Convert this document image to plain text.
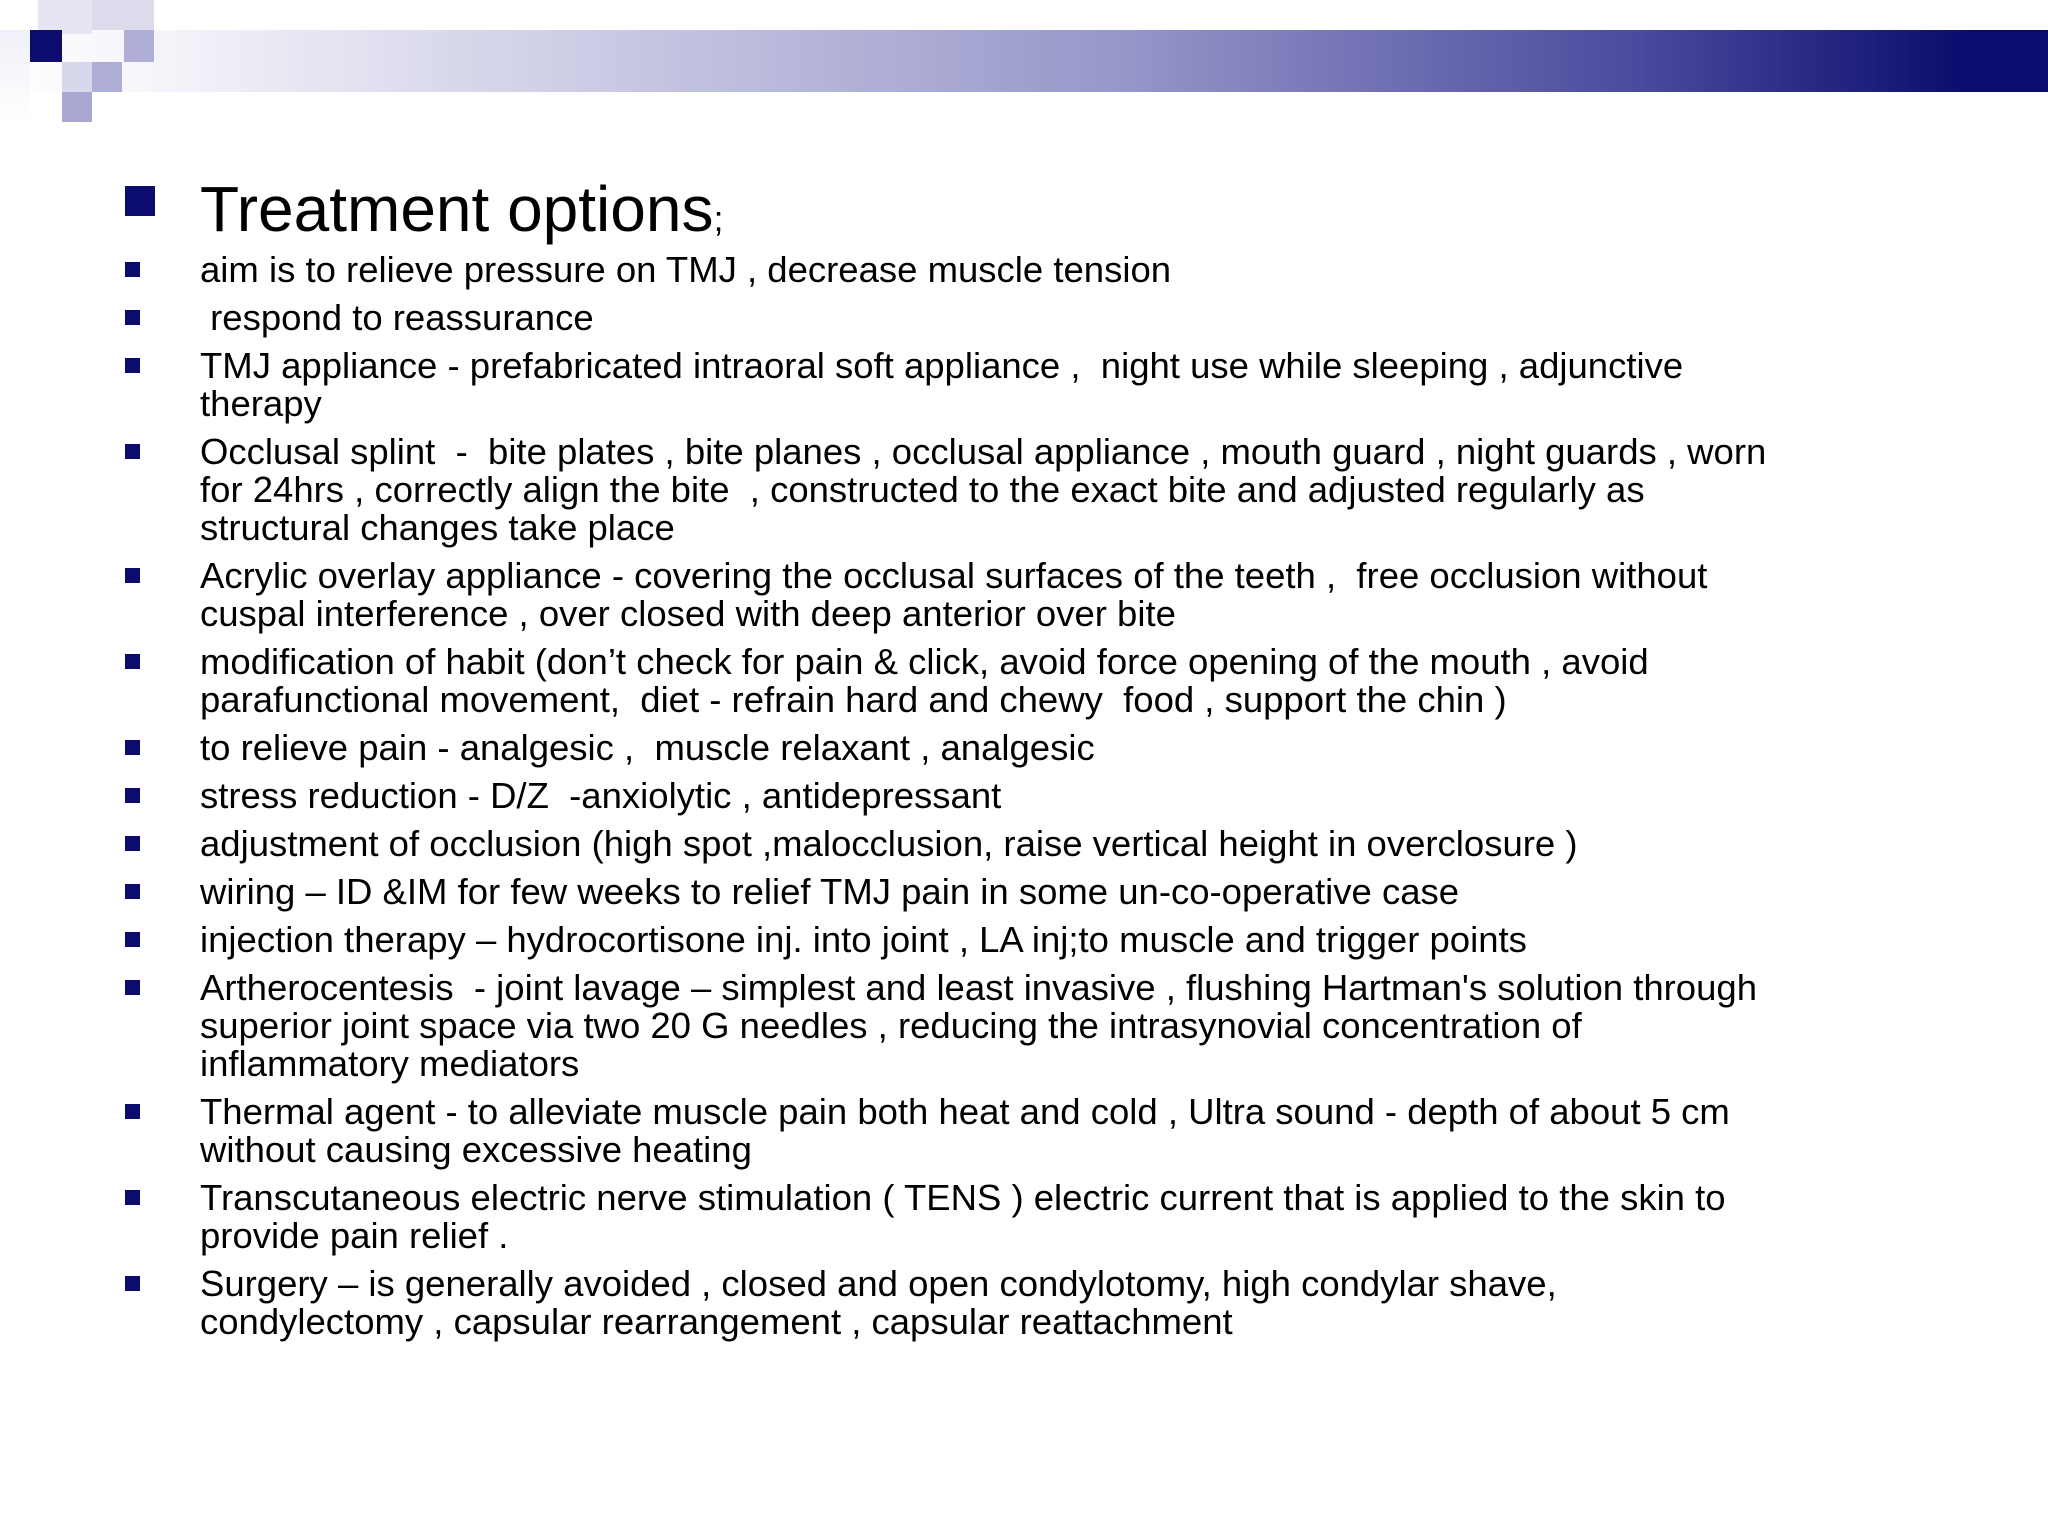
Treatment options;
aim is to relieve pressure on TMJ , decrease muscle tension
respond to reassurance
TMJ appliance - prefabricated intraoral soft appliance ,  night use while sleeping , adjunctive
therapy
Occlusal splint  -  bite plates , bite planes , occlusal appliance , mouth guard , night guards , worn
for 24hrs , correctly align the bite  , constructed to the exact bite and adjusted regularly as
structural changes take place
Acrylic overlay appliance - covering the occlusal surfaces of the teeth ,  free occlusion without
cuspal interference , over closed with deep anterior over bite
modification of habit (don’t check for pain & click, avoid force opening of the mouth , avoid
parafunctional movement,  diet - refrain hard and chewy  food , support the chin )
to relieve pain - analgesic ,  muscle relaxant , analgesic
stress reduction - D/Z  -anxiolytic , antidepressant
adjustment of occlusion (high spot ,malocclusion, raise vertical height in overclosure )
wiring – ID &IM for few weeks to relief TMJ pain in some un-co-operative case
injection therapy – hydrocortisone inj. into joint , LA inj;to muscle and trigger points
Artherocentesis  - joint lavage – simplest and least invasive , flushing Hartman's solution through
superior joint space via two 20 G needles , reducing the intrasynovial concentration of
inflammatory mediators
Thermal agent - to alleviate muscle pain both heat and cold , Ultra sound - depth of about 5 cm
without causing excessive heating
Transcutaneous electric nerve stimulation ( TENS ) electric current that is applied to the skin to
provide pain relief .
Surgery – is generally avoided , closed and open condylotomy, high condylar shave,
condylectomy , capsular rearrangement , capsular reattachment
